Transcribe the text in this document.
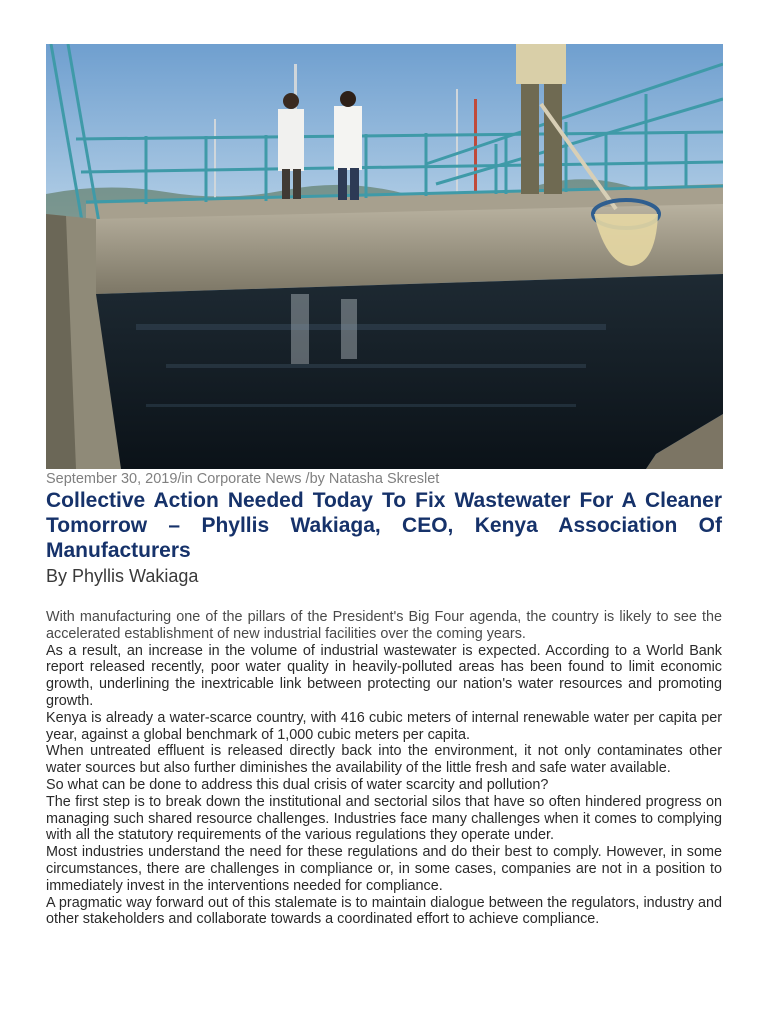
September 30, 2019/in Corporate News /by Natasha Skreslet
Collective Action Needed Today To Fix Wastewater For A Cleaner Tomorrow – Phyllis Wakiaga, CEO, Kenya Association Of Manufacturers
By Phyllis Wakiaga

With manufacturing one of the pillars of the President's Big Four agenda, the country is likely to see the accelerated establishment of new industrial facilities over the coming years.

As a result, an increase in the volume of industrial wastewater is expected. According to a World Bank report released recently, poor water quality in heavily-polluted areas has been found to limit economic growth, underlining the inextricable link between protecting our nation's water resources and promoting growth.

Kenya is already a water-scarce country, with 416 cubic meters of internal renewable water per capita per year, against a global benchmark of 1,000 cubic meters per capita.

When untreated effluent is released directly back into the environment, it not only contaminates other water sources but also further diminishes the availability of the little fresh and safe water available.

So what can be done to address this dual crisis of water scarcity and pollution?

The first step is to break down the institutional and sectorial silos that have so often hindered progress on managing such shared resource challenges. Industries face many challenges when it comes to complying with all the statutory requirements of the various regulations they operate under.

Most industries understand the need for these regulations and do their best to comply. However, in some circumstances, there are challenges in compliance or, in some cases, companies are not in a position to immediately invest in the interventions needed for compliance.

A pragmatic way forward out of this stalemate is to maintain dialogue between the regulators, industry and other stakeholders and collaborate towards a coordinated effort to achieve compliance.
